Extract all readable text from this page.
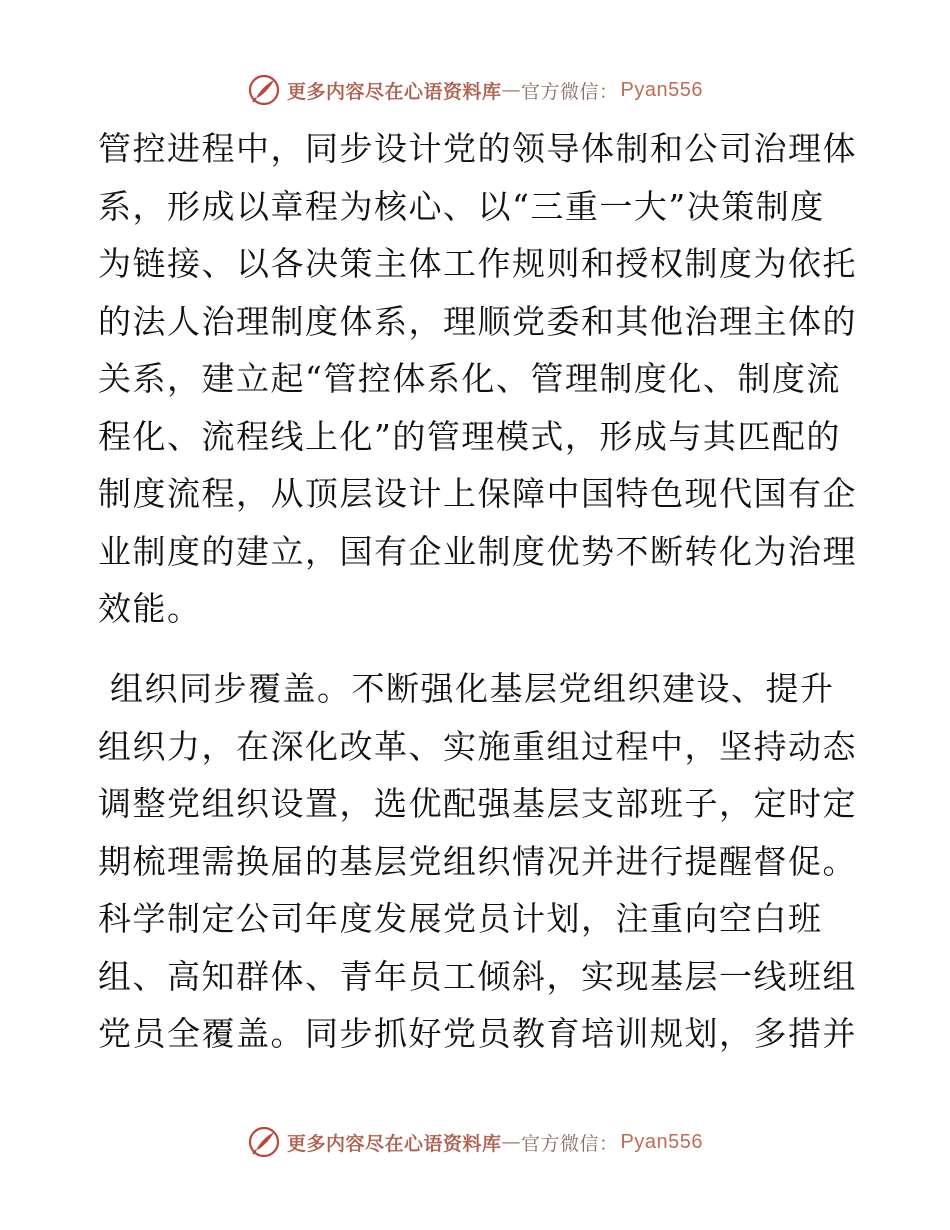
更多内容尽在心语资料库 — 官方微信： Pyan556
管控进程中，同步设计党的领导体制和公司治理体
系，形成以章程为核心、以“三重一大”决策制度
为链接、以各决策主体工作规则和授权制度为依托
的法人治理制度体系，理顺党委和其他治理主体的
关系，建立起“管控体系化、管理制度化、制度流
程化、流程线上化”的管理模式，形成与其匹配的
制度流程，从顶层设计上保障中国特色现代国有企
业制度的建立，国有企业制度优势不断转化为治理
效能。
组织同步覆盖。不断强化基层党组织建设、提升
组织力，在深化改革、实施重组过程中，坚持动态
调整党组织设置，选优配强基层支部班子，定时定
期梳理需换届的基层党组织情况并进行提醒督促。
科学制定公司年度发展党员计划，注重向空白班
组、高知群体、青年员工倾斜，实现基层一线班组
党员全覆盖。同步抓好党员教育培训规划，多措并
更多内容尽在心语资料库 — 官方微信： Pyan556
